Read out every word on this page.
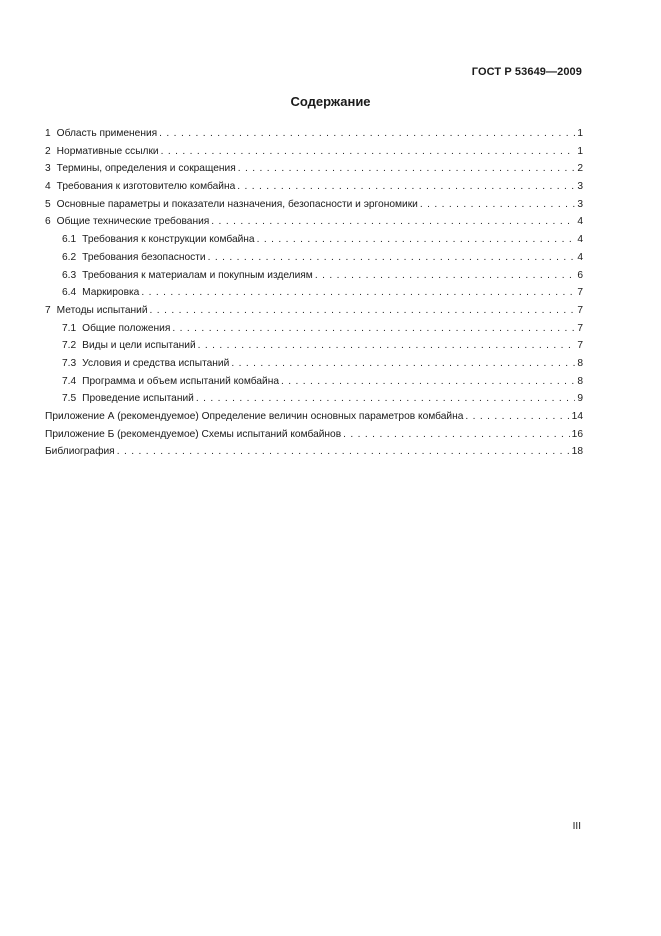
ГОСТ Р 53649—2009
Содержание
1 Область применения . . .	1
2 Нормативные ссылки . . .	1
3 Термины, определения и сокращения . . .	2
4 Требования к изготовителю комбайна . . .	3
5 Основные параметры и показатели назначения, безопасности и эргономики . . .	3
6 Общие технические требования . . .	4
6.1 Требования к конструкции комбайна . . .	4
6.2 Требования безопасности . . .	4
6.3 Требования к материалам и покупным изделиям . . .	6
6.4 Маркировка . . .	7
7 Методы испытаний . . .	7
7.1 Общие положения . . .	7
7.2 Виды и цели испытаний . . .	7
7.3 Условия и средства испытаний . . .	8
7.4 Программа и объем испытаний комбайна . . .	8
7.5 Проведение испытаний . . .	9
Приложение А (рекомендуемое) Определение величин основных параметров комбайна . . .	14
Приложение Б (рекомендуемое) Схемы испытаний комбайнов . . .	16
Библиография . . .	18
III
